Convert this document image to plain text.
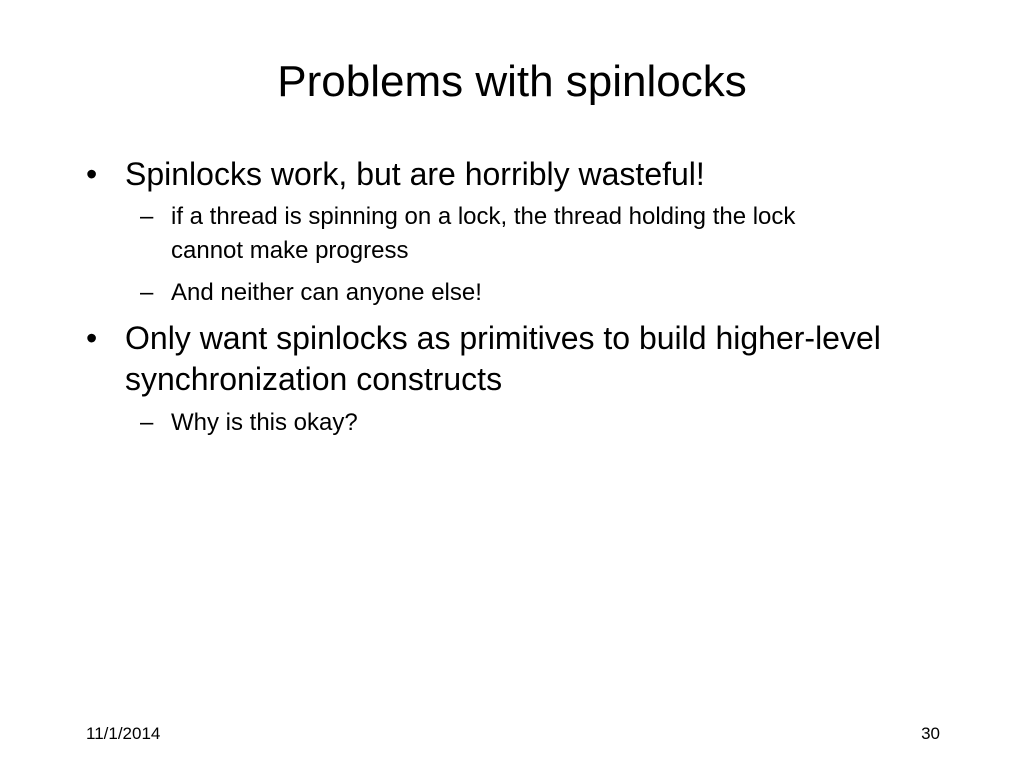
Problems with spinlocks
• Spinlocks work, but are horribly wasteful!
– if a thread is spinning on a lock, the thread holding the lock
cannot make progress
– And neither can anyone else!
• Only want spinlocks as primitives to build higher-level
synchronization constructs
– Why is this okay?
11/1/2014	30
